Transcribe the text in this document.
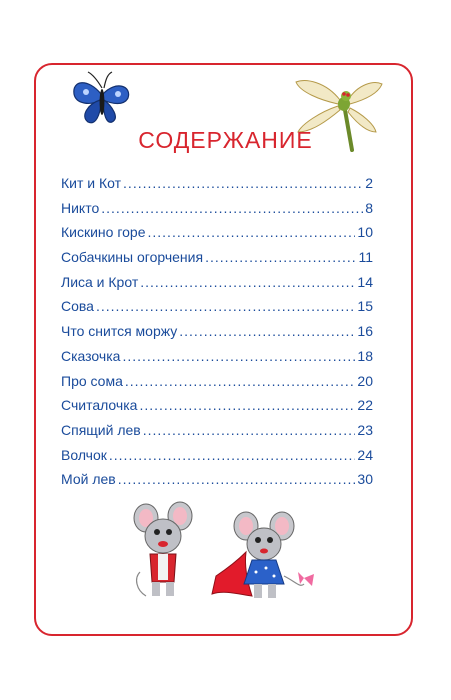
СОДЕРЖАНИЕ
Кит и Кот .....	2
Никто .....	8
Кискино горе .....	10
Собачкины огорчения .....	11
Лиса и Крот .....	14
Сова .....	15
Что снится моржу .....	16
Сказочка .....	18
Про сома .....	20
Считалочка .....	22
Спящий лев .....	23
Волчок .....	24
Мой лев .....	30
